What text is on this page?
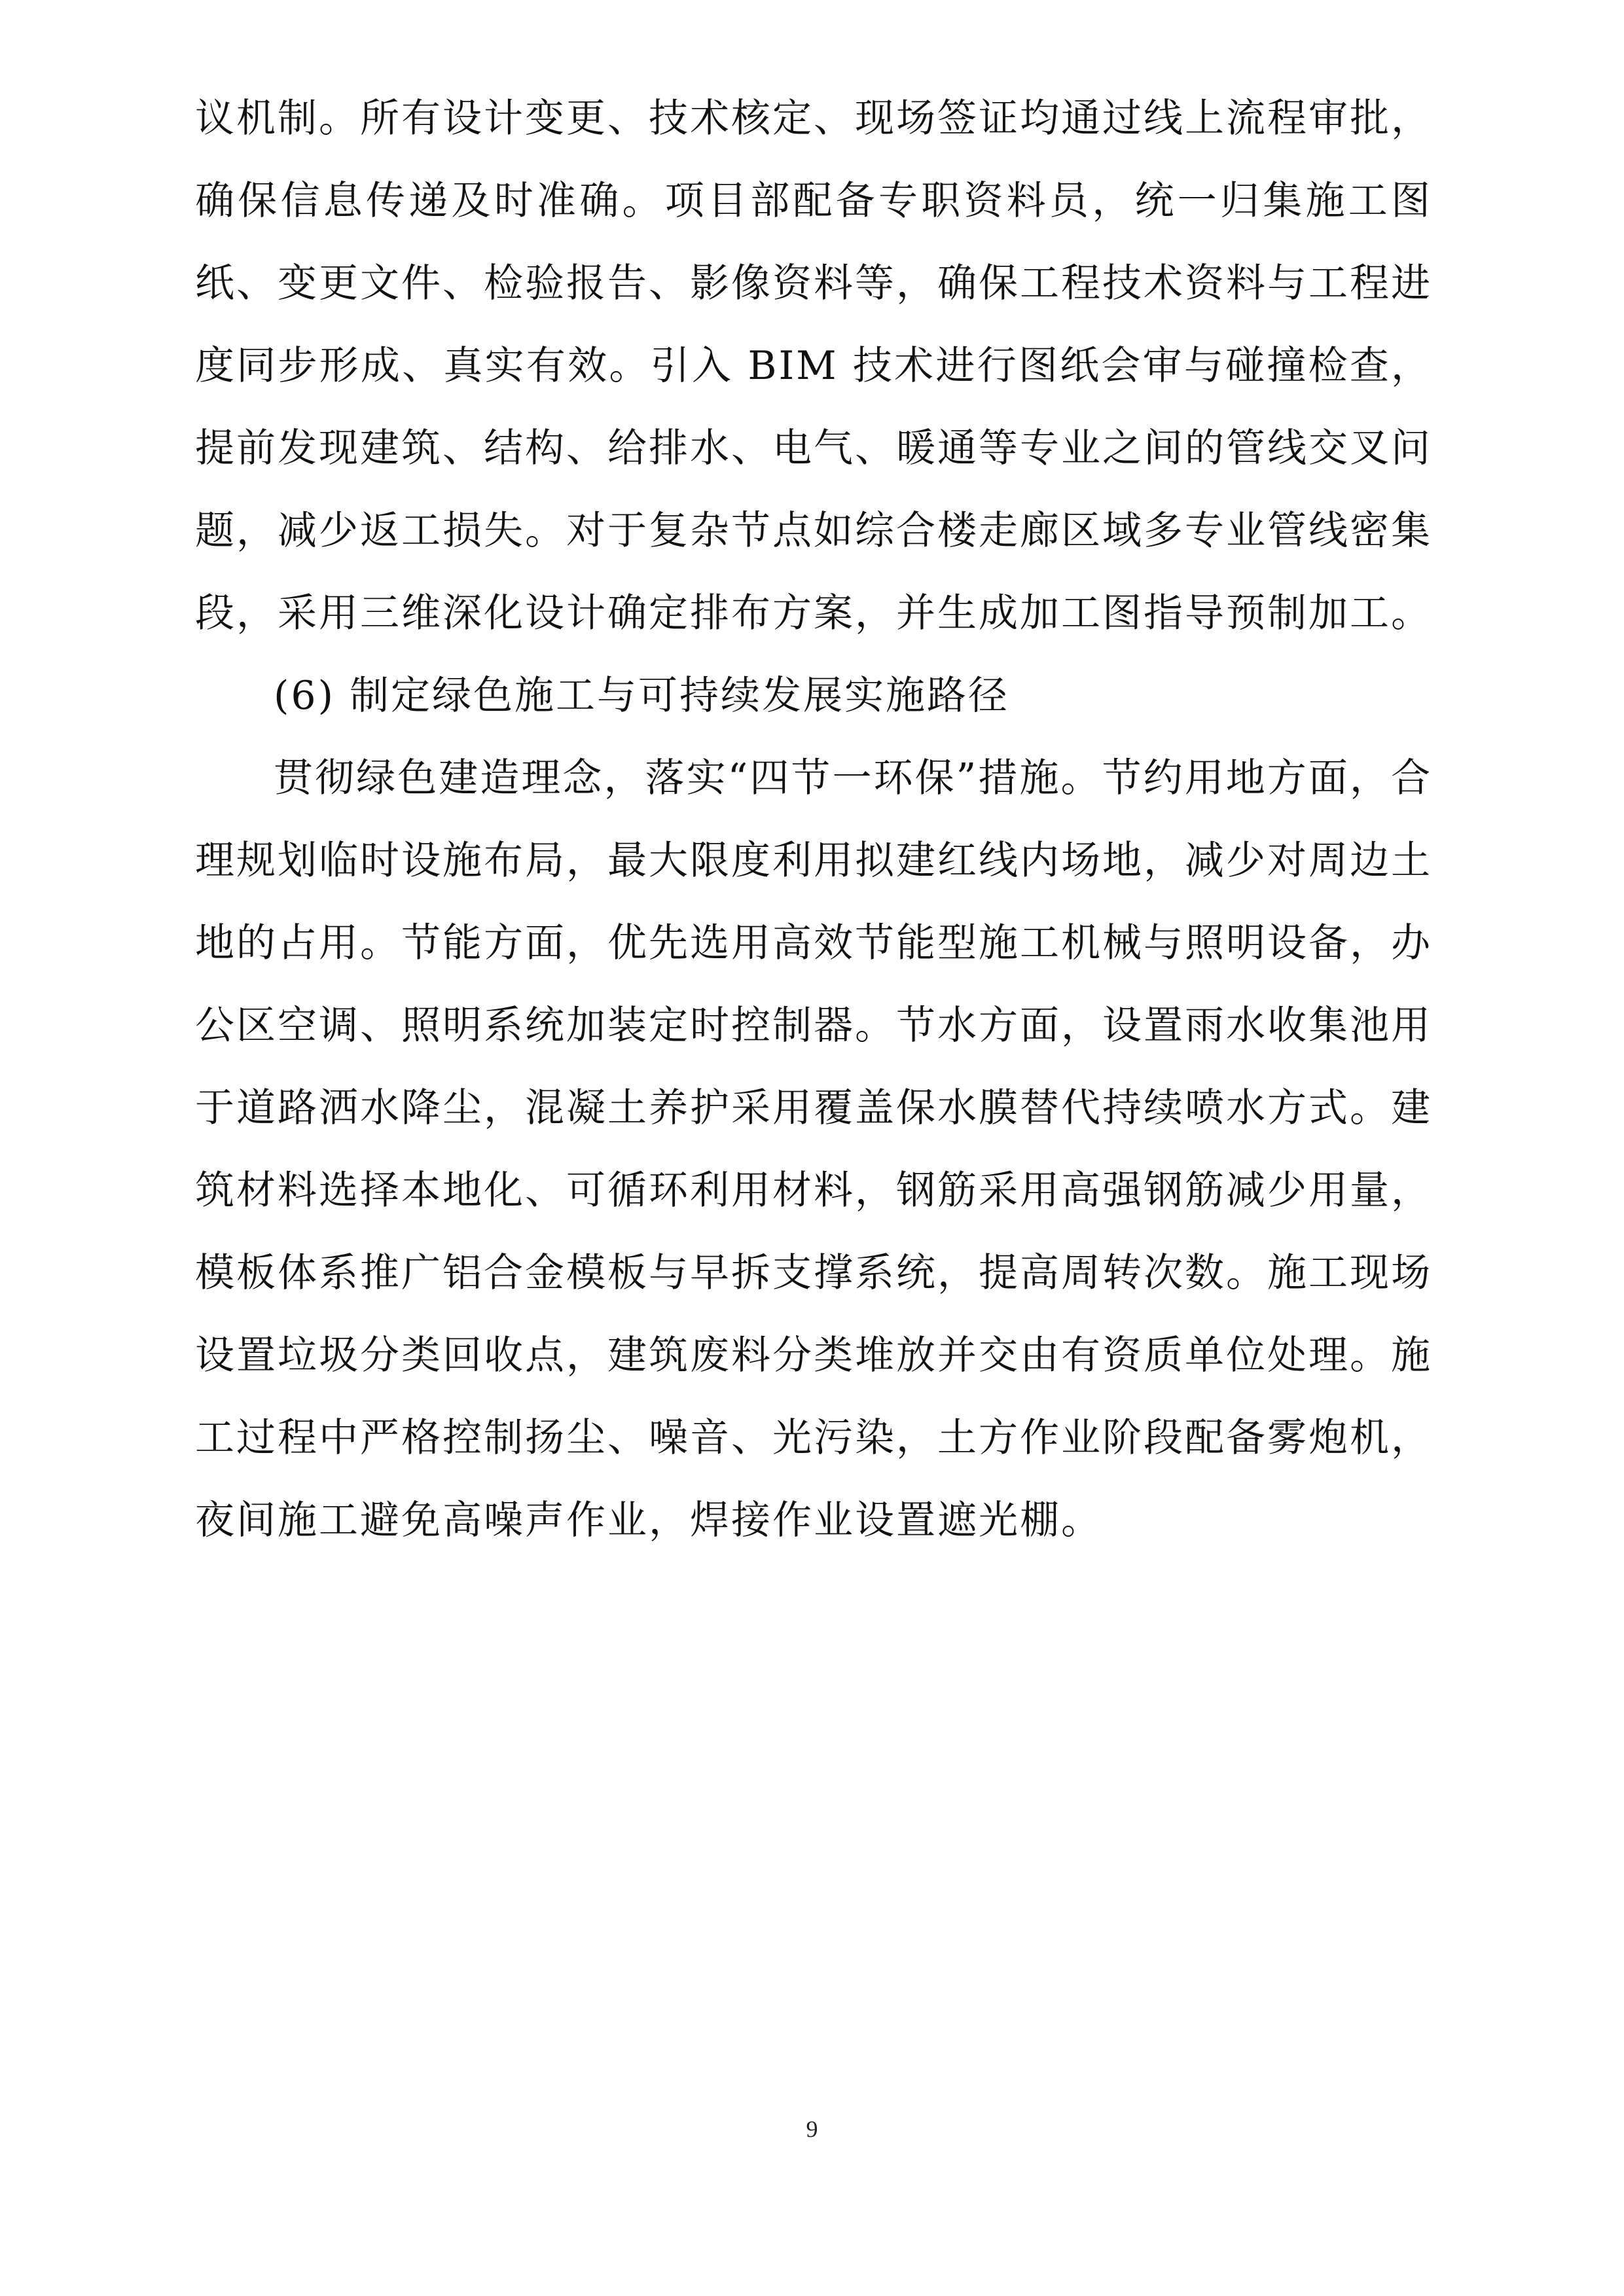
议机制。所有设计变更、技术核定、现场签证均通过线上流程审批，确保信息传递及时准确。项目部配备专职资料员，统一归集施工图纸、变更文件、检验报告、影像资料等，确保工程技术资料与工程进度同步形成、真实有效。引入 BIM 技术进行图纸会审与碰撞检查，提前发现建筑、结构、给排水、电气、暖通等专业之间的管线交叉问题，减少返工损失。对于复杂节点如综合楼走廊区域多专业管线密集段，采用三维深化设计确定排布方案，并生成加工图指导预制加工。

(6) 制定绿色施工与可持续发展实施路径

贯彻绿色建造理念，落实“四节一环保”措施。节约用地方面，合理规划临时设施布局，最大限度利用拟建红线内场地，减少对周边土地的占用。节能方面，优先选用高效节能型施工机械与照明设备，办公区空调、照明系统加装定时控制器。节水方面，设置雨水收集池用于道路洒水降尘，混凝土养护采用覆盖保水膜替代持续喷水方式。建筑材料选择本地化、可循环利用材料，钢筋采用高强钢筋减少用量，模板体系推广铝合金模板与早拆支撑系统，提高周转次数。施工现场设置垃圾分类回收点，建筑废料分类堆放并交由有资质单位处理。施工过程中严格控制扬尘、噪音、光污染，土方作业阶段配备雾炮机，夜间施工避免高噪声作业，焊接作业设置遮光棚。

9
